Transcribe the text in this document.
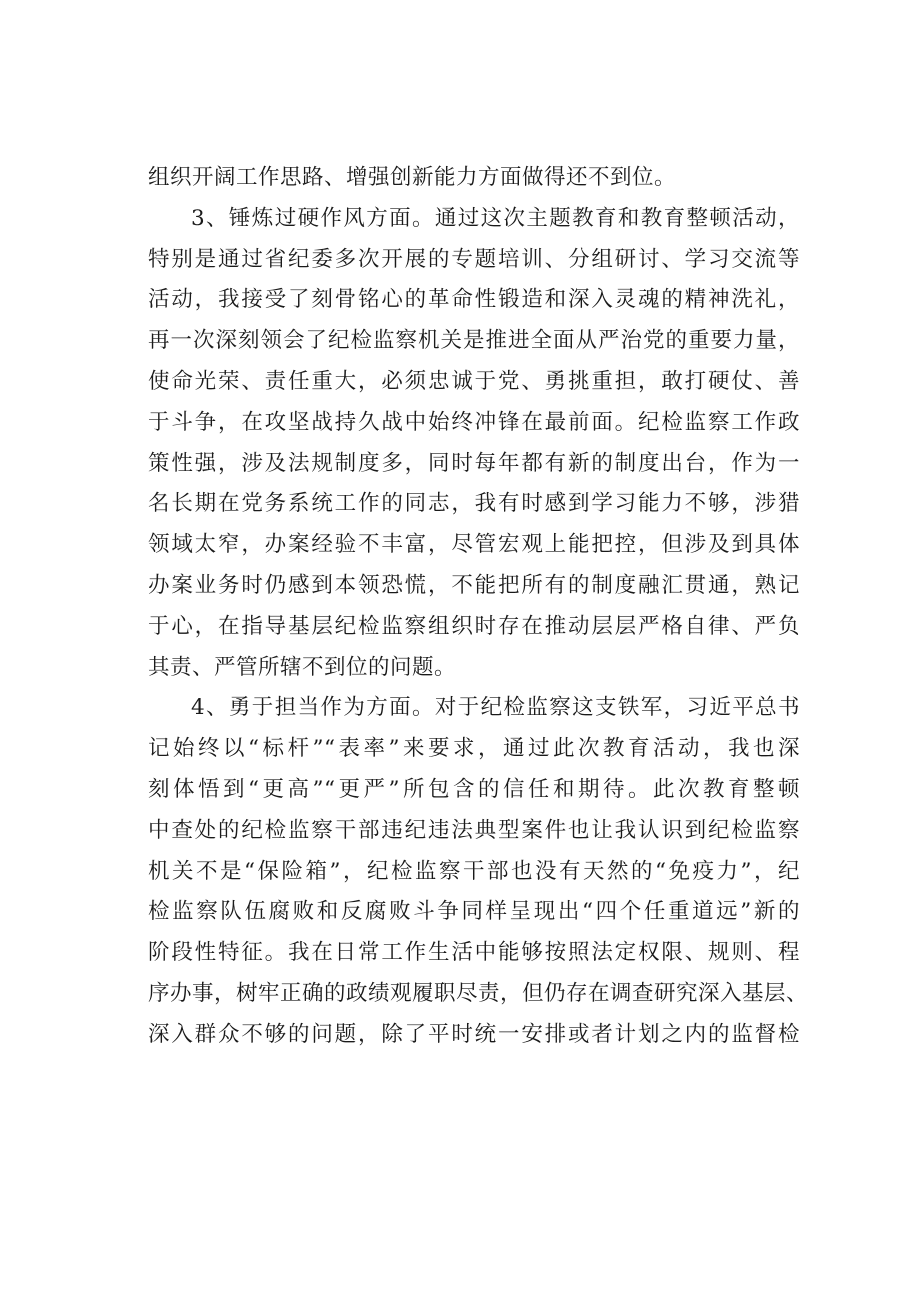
组织开阔工作思路、增强创新能力方面做得还不到位。
3、锤炼过硬作风方面。通过这次主题教育和教育整顿活动，
特别是通过省纪委多次开展的专题培训、分组研讨、学习交流等
活动，我接受了刻骨铭心的革命性锻造和深入灵魂的精神洗礼，
再一次深刻领会了纪检监察机关是推进全面从严治党的重要力量，
使命光荣、责任重大，必须忠诚于党、勇挑重担，敢打硬仗、善
于斗争，在攻坚战持久战中始终冲锋在最前面。纪检监察工作政
策性强，涉及法规制度多，同时每年都有新的制度出台，作为一
名长期在党务系统工作的同志，我有时感到学习能力不够，涉猎
领域太窄，办案经验不丰富，尽管宏观上能把控，但涉及到具体
办案业务时仍感到本领恐慌，不能把所有的制度融汇贯通，熟记
于心，在指导基层纪检监察组织时存在推动层层严格自律、严负
其责、严管所辖不到位的问题。
4、勇于担当作为方面。对于纪检监察这支铁军，习近平总书
记始终以“标杆”“表率”来要求，通过此次教育活动，我也深
刻体悟到“更高”“更严”所包含的信任和期待。此次教育整顿
中查处的纪检监察干部违纪违法典型案件也让我认识到纪检监察
机关不是“保险箱”，纪检监察干部也没有天然的“免疫力”，纪
检监察队伍腐败和反腐败斗争同样呈现出“四个任重道远”新的
阶段性特征。我在日常工作生活中能够按照法定权限、规则、程
序办事，树牢正确的政绩观履职尽责，但仍存在调查研究深入基层、
深入群众不够的问题，除了平时统一安排或者计划之内的监督检
